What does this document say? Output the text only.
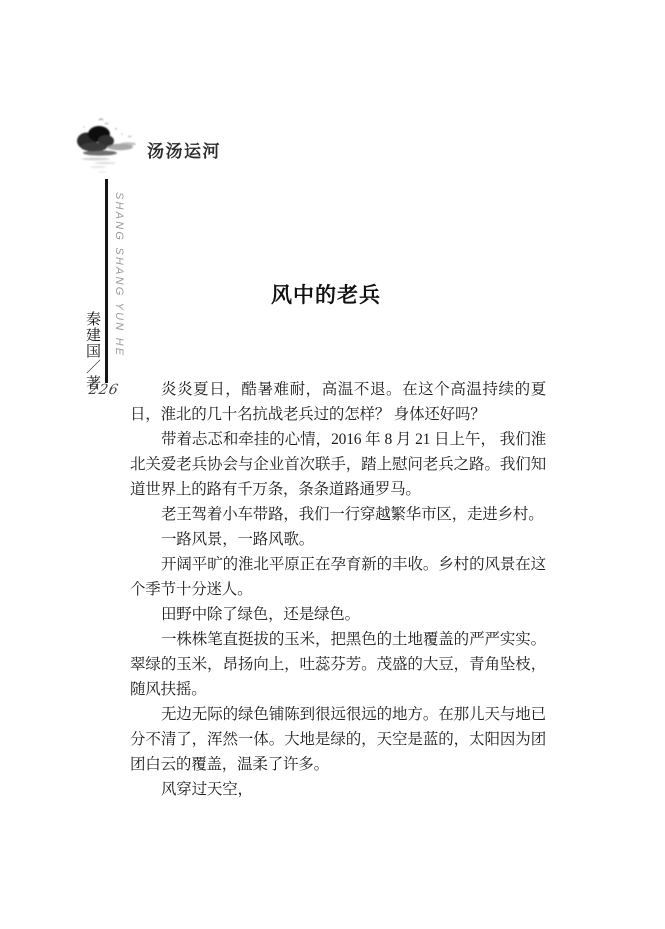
汤汤运河
SHANG SHANG YUN HE
秦建国／著
226
风中的老兵

炎炎夏日，酷暑难耐，高温不退。在这个高温持续的夏日，淮北的几十名抗战老兵过的怎样？ 身体还好吗？

带着忐忑和牵挂的心情，2016 年 8 月 21 日上午， 我们淮北关爱老兵协会与企业首次联手，踏上慰问老兵之路。我们知道世界上的路有千万条，条条道路通罗马。

老王驾着小车带路，我们一行穿越繁华市区，走进乡村。

一路风景，一路风歌。

开阔平旷的淮北平原正在孕育新的丰收。乡村的风景在这个季节十分迷人。

田野中除了绿色，还是绿色。

一株株笔直挺拔的玉米，把黑色的土地覆盖的严严实实。翠绿的玉米，昂扬向上，吐蕊芬芳。茂盛的大豆，青角坠枝，随风扶摇。

无边无际的绿色铺陈到很远很远的地方。在那儿天与地已分不清了，浑然一体。大地是绿的，天空是蓝的，太阳因为团团白云的覆盖，温柔了许多。

风穿过天空，
